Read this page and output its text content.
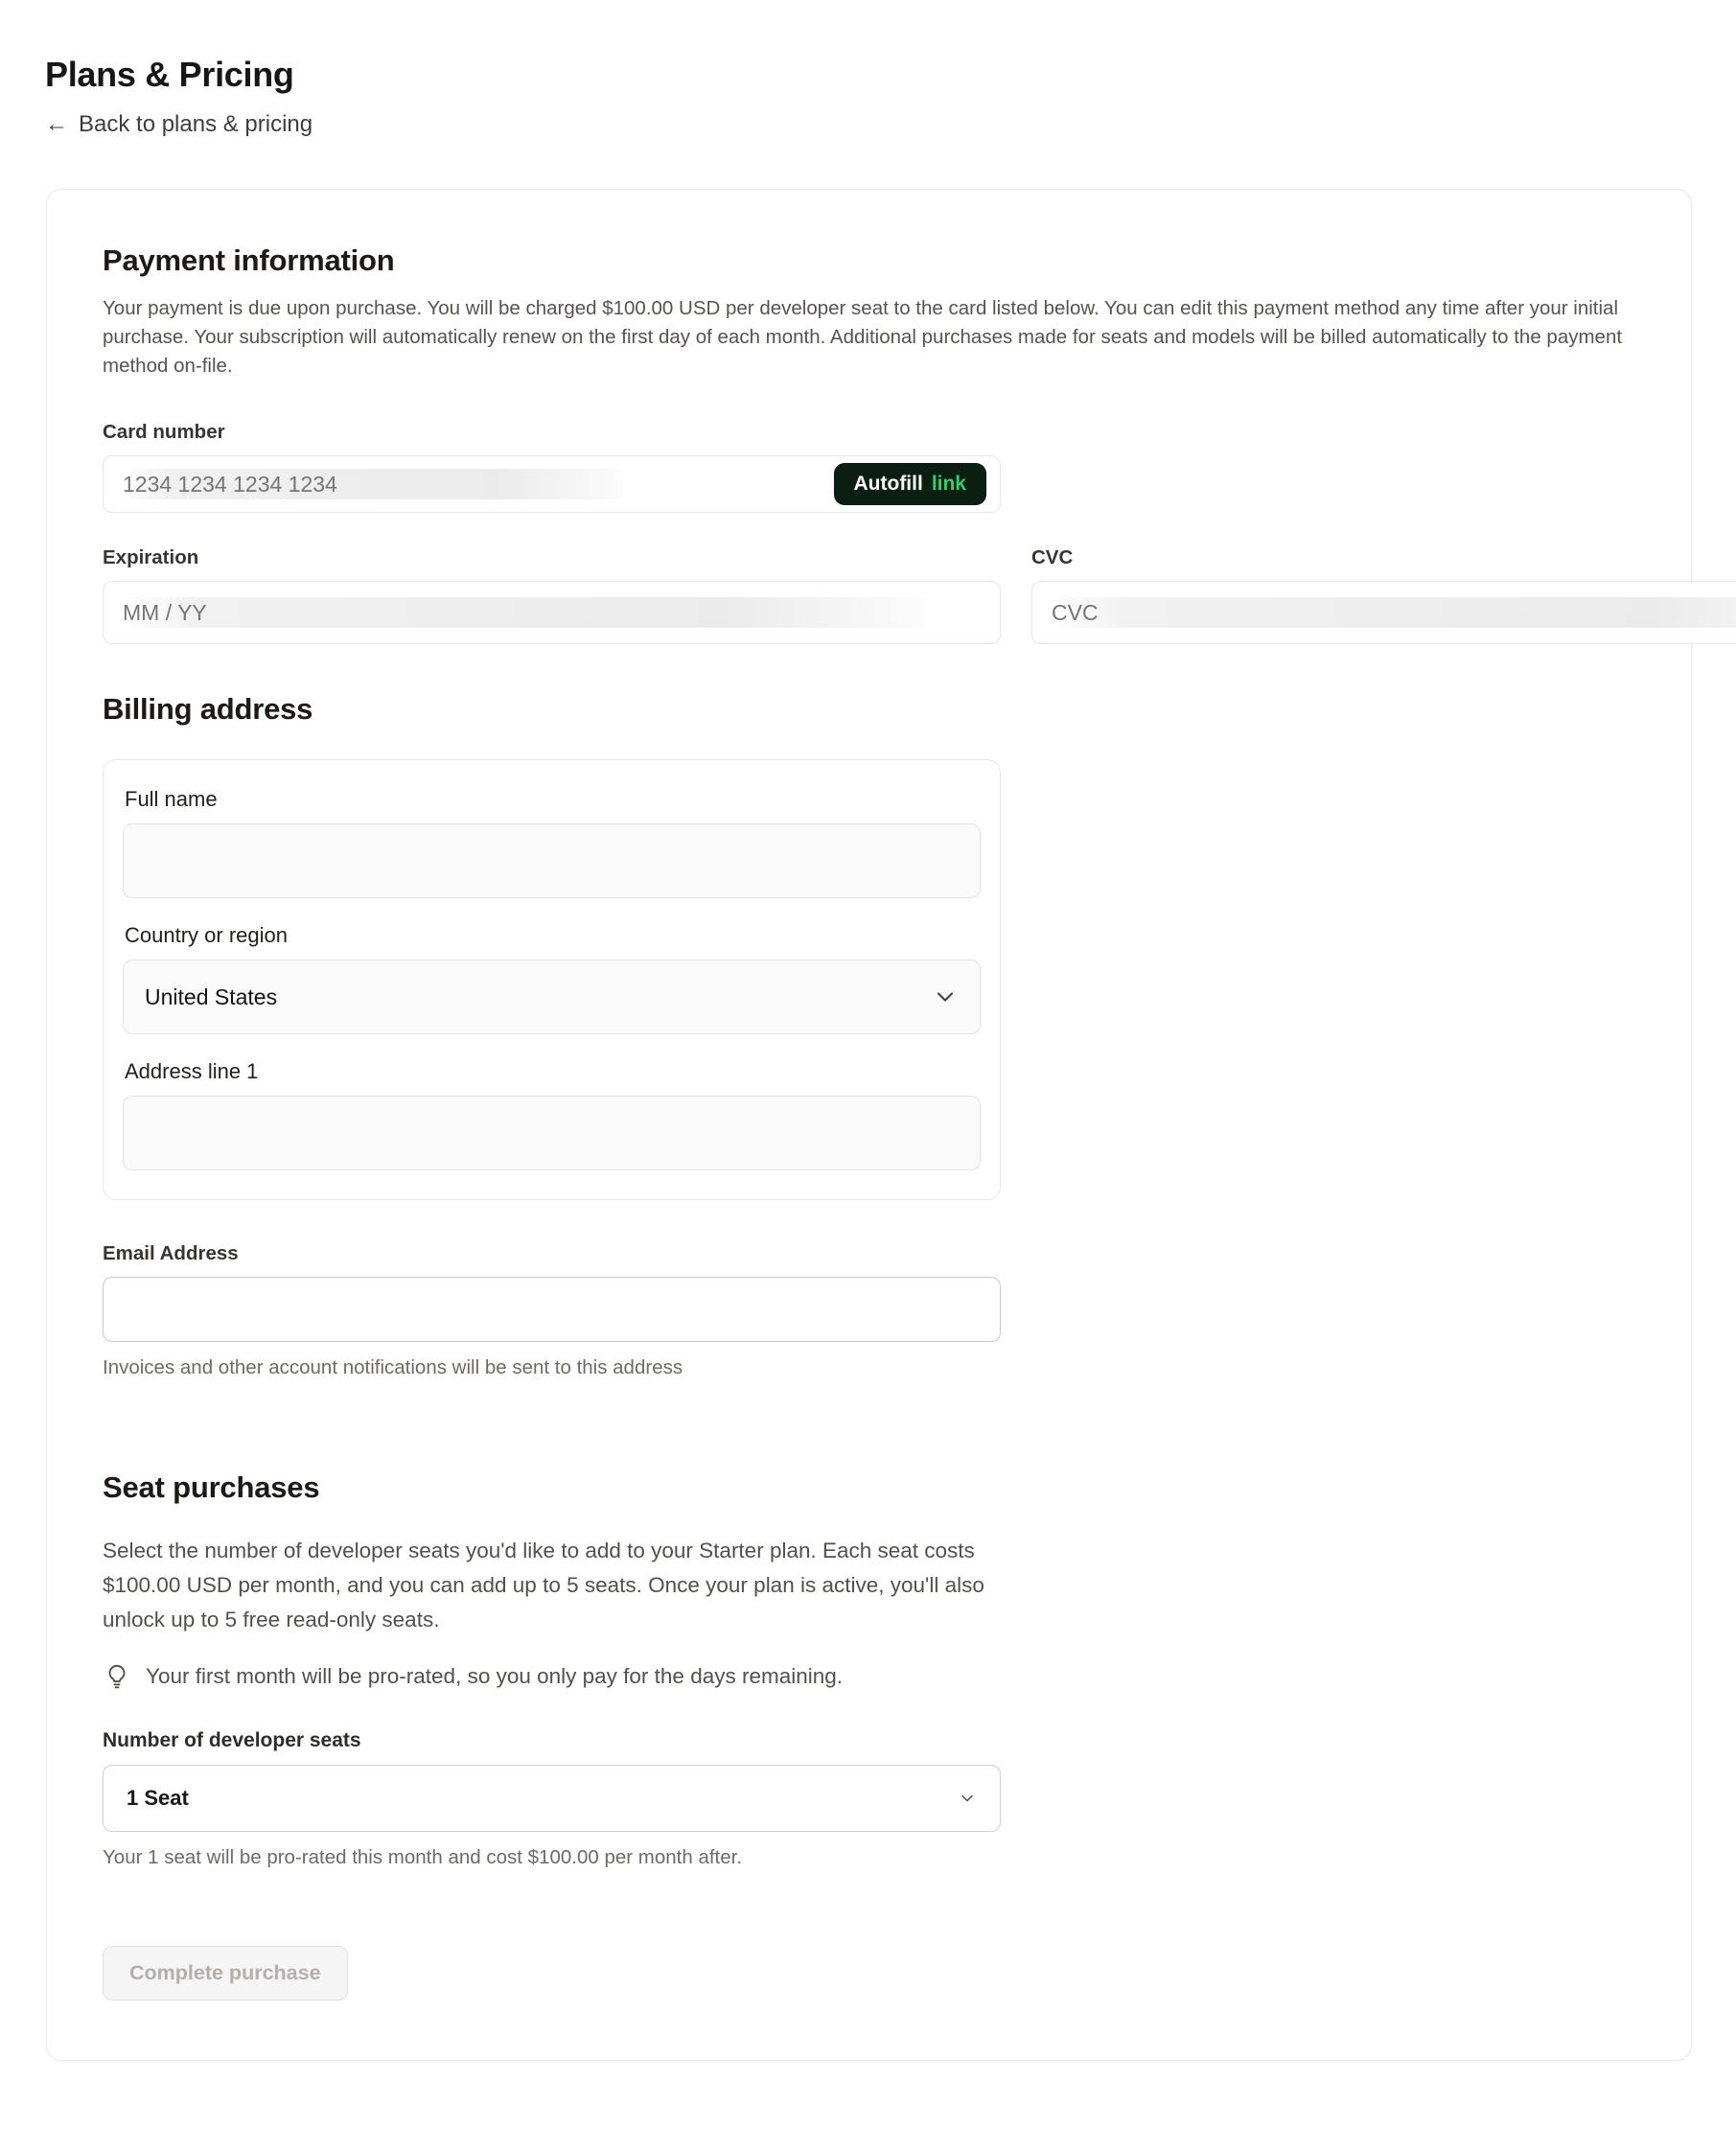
Plans & Pricing
← Back to plans & pricing
Payment information

Your payment is due upon purchase. You will be charged $100.00 USD per developer seat to the card listed below. You can edit this payment method any time after your initial purchase. Your subscription will automatically renew on the first day of each month. Additional purchases made for seats and models will be billed automatically to the payment method on-file.

Card number
1234 1234 1234 1234
Autofill link
Expiration
MM / YY	CVC
CVC
Billing address
Full name
Country or region
United States
Address line 1
Email Address
Invoices and other account notifications will be sent to this address
Seat purchases

Select the number of developer seats you'd like to add to your Starter plan. Each seat costs $100.00 USD per month, and you can add up to 5 seats. Once your plan is active, you'll also unlock up to 5 free read-only seats.

Your first month will be pro-rated, so you only pay for the days remaining.
Number of developer seats
1 Seat
Your 1 seat will be pro-rated this month and cost $100.00 per month after.
Complete purchase
